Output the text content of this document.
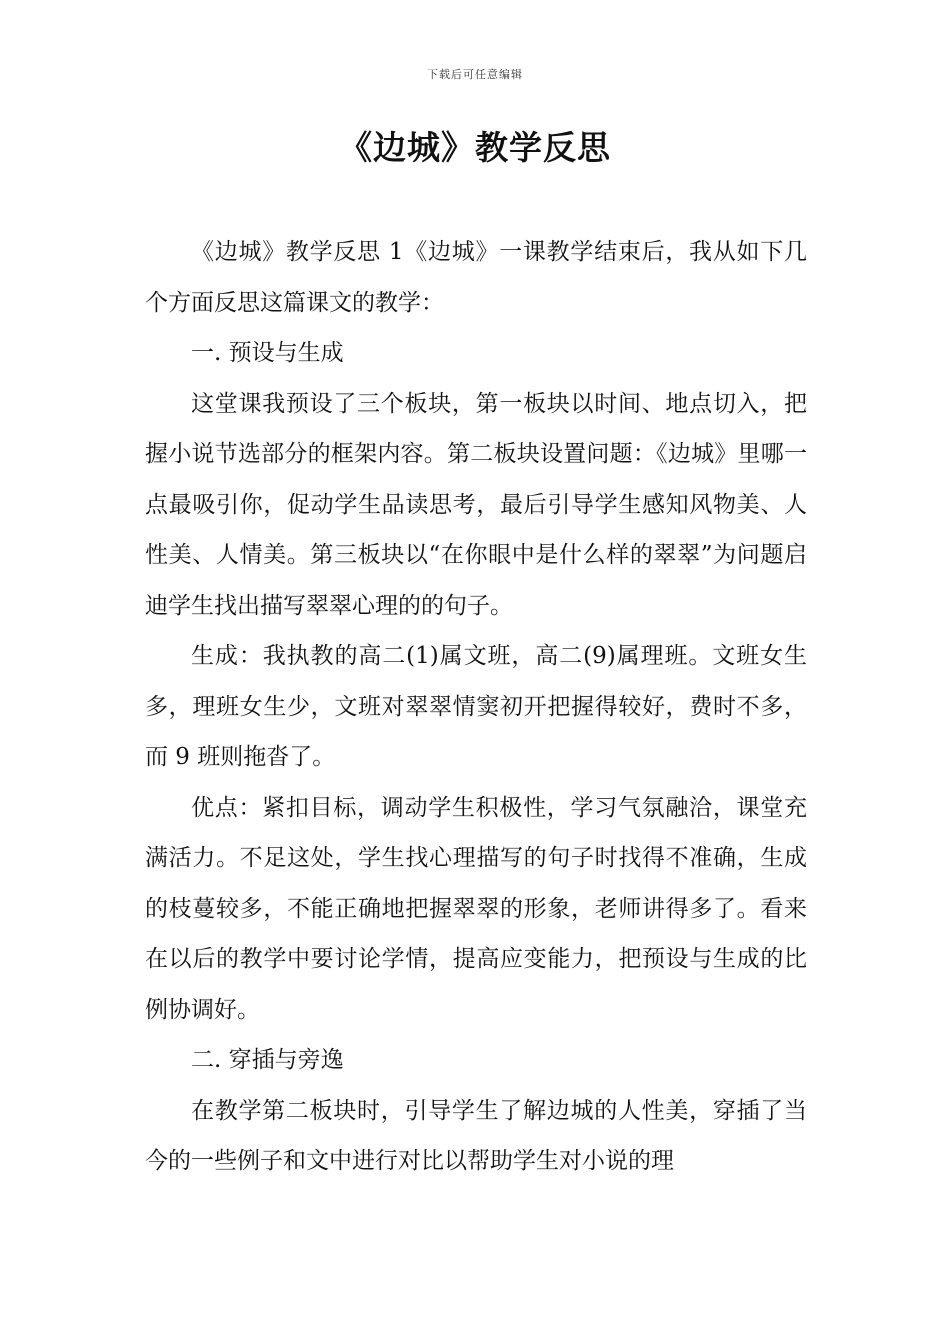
下载后可任意编辑
《边城》教学反思

《边城》教学反思 1《边城》一课教学结束后，我从如下几个方面反思这篇课文的教学：

一. 预设与生成

这堂课我预设了三个板块，第一板块以时间、地点切入，把握小说节选部分的框架内容。第二板块设置问题：《边城》里哪一点最吸引你，促动学生品读思考，最后引导学生感知风物美、人性美、人情美。第三板块以“在你眼中是什么样的翠翠”为问题启迪学生找出描写翠翠心理的的句子。

生成：我执教的高二(1)属文班，高二(9)属理班。文班女生多，理班女生少，文班对翠翠情窦初开把握得较好，费时不多，而 9 班则拖沓了。

优点：紧扣目标，调动学生积极性，学习气氛融洽，课堂充满活力。不足这处，学生找心理描写的句子时找得不准确，生成的枝蔓较多，不能正确地把握翠翠的形象，老师讲得多了。看来在以后的教学中要讨论学情，提高应变能力，把预设与生成的比例协调好。

二. 穿插与旁逸

在教学第二板块时，引导学生了解边城的人性美，穿插了当今的一些例子和文中进行对比以帮助学生对小说的理
